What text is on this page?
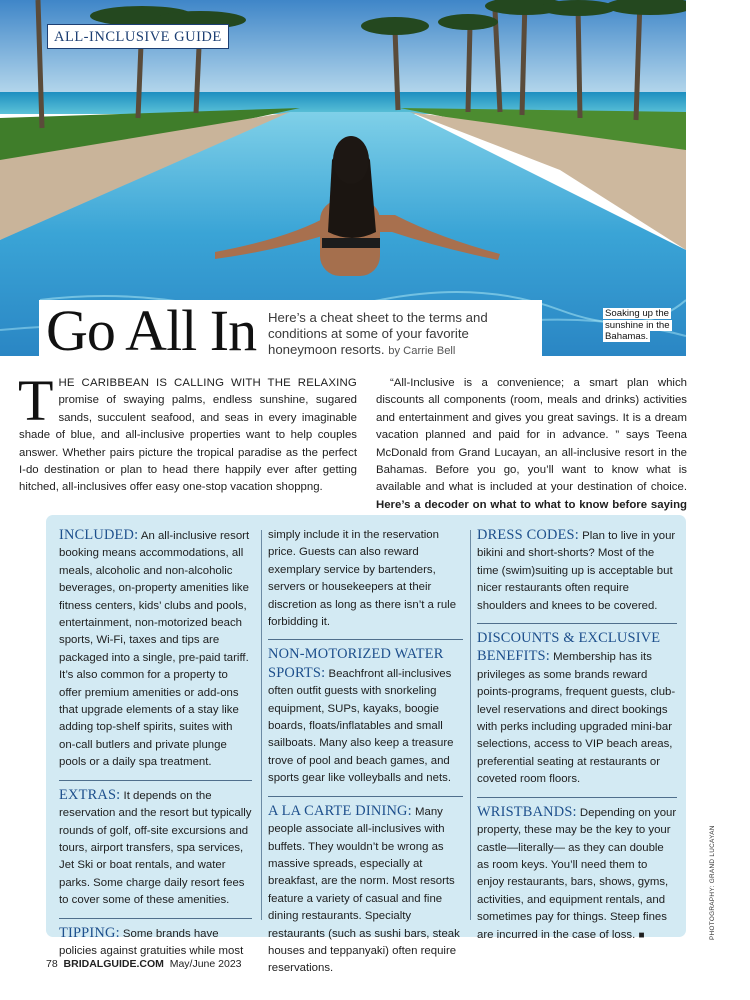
ALL-INCLUSIVE GUIDE
Go All In Here’s a cheat sheet to the terms and conditions at some of your favorite honeymoon resorts. by Carrie Bell
Soaking up the sunshine in the Bahamas.
THE CARIBBEAN IS CALLING WITH THE RELAXING promise of swaying palms, endless sunshine, sugared sands, succulent seafood, and seas in every imaginable shade of blue, and all-inclusive properties want to help couples answer. Whether pairs picture the tropical paradise as the perfect I-do destination or plan to head there happily ever after getting hitched, all-inclusives offer easy one-stop vacation shoppng.
“All-Inclusive is a convenience; a smart plan which discounts all components (room, meals and drinks) activities and entertainment and gives you great savings. It is a dream vacation planned and paid for in advance. ” says Teena McDonald from Grand Lucayan, an all-inclusive resort in the Bahamas. Before you go, you’ll want to know what is available and what is included at your destination of choice. Here’s a decoder on what to what to know before saying

INCLUDED: An all-inclusive resort booking means accommodations, all meals, alcoholic and non-alcoholic beverages, on-property amenities like fitness centers, kids’ clubs and pools, entertainment, non-motorized beach sports, Wi-Fi, taxes and tips are packaged into a single, pre-paid tariff. It’s also common for a property to offer premium amenities or add-ons that upgrade elements of a stay like adding top-shelf spirits, suites with on-call butlers and private plunge pools or a daily spa treatment.

EXTRAS: It depends on the reservation and the resort but typically rounds of golf, off-site excursions and tours, airport transfers, spa services, Jet Ski or boat rentals, and water parks. Some charge daily resort fees to cover some of these amenities.

TIPPING: Some brands have policies against gratuities while most

simply include it in the reservation price. Guests can also reward exemplary service by bartenders, servers or housekeepers at their discretion as long as there isn’t a rule forbidding it.

NON-MOTORIZED WATER SPORTS: Beachfront all-inclusives often outfit guests with snorkeling equipment, SUPs, kayaks, boogie boards, floats/inflatables and small sailboats. Many also keep a treasure trove of pool and beach games, and sports gear like volleyballs and nets.

A LA CARTE DINING: Many people associate all-inclusives with buffets. They wouldn’t be wrong as massive spreads, especially at breakfast, are the norm. Most resorts feature a variety of casual and fine dining restaurants. Specialty restaurants (such as sushi bars, steak houses and teppanyaki) often require reservations.

DRESS CODES: Plan to live in your bikini and short-shorts? Most of the time (swim)suiting up is acceptable but nicer restaurants often require shoulders and knees to be covered.

DISCOUNTS & EXCLUSIVE BENEFITS: Membership has its privileges as some brands reward points-programs, frequent guests, club-level reservations and direct bookings with perks including upgraded mini-bar selections, access to VIP beach areas, preferential seating at restaurants or coveted room floors.

WRISTBANDS: Depending on your property, these may be the key to your castle—literally— as they can double as room keys. You’ll need them to enjoy restaurants, bars, shows, gyms, activities, and equipment rentals, and sometimes pay for things. Steep fines are incurred in the case of loss. ■

78 BRIDALGUIDE.COM May/June 2023
PHOTOGRAPHY: GRAND LUCAYAN
